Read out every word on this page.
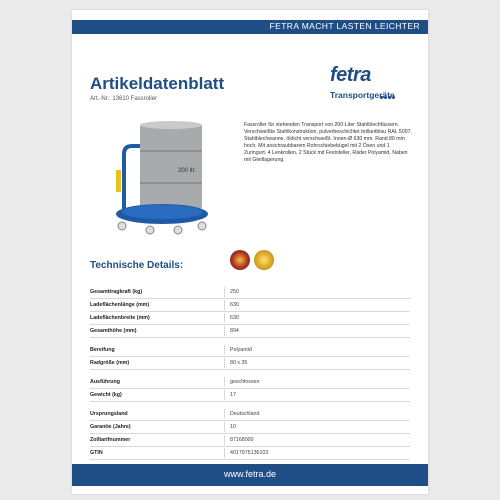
FETRA MACHT LASTEN LEICHTER
Artikeldatenblatt
Art.-Nr.: 13610 Fassroller
fetra
Transportgeräte
200 ltr.
Fassroller für stehenden Transport von 200-Liter Stahlblechfässern. Verschweißte Stahlkonstruktion, pulverbeschichtet brillantblau RAL 5007. Stahlblechwanne, öldicht verschweißt. Innen-Ø 630 mm. Rand 80 mm hoch. Mit anschraubbarem Rohrschiebebügel mit 2 Ösen und 1 Zuringurt. 4 Lenkrollen, 2 Stück mit Feststeller, Räder Polyamid, Naben mit Gleitlagerung.
Technische Details:
Gesamttragkraft (kg)	250
Ladeflächenlänge (mm)	630
Ladeflächenbreite (mm)	630
Gesamthöhe (mm)	894
Bereifung	Polyamid
Radgröße (mm)	80 x 35
Ausführung	geschlossen
Gewicht (kg)	17
Ursprungsland	Deutschland
Garantie (Jahre)	10
Zolltarifnummer	87168000
GTIN	4017975136103
www.fetra.de
